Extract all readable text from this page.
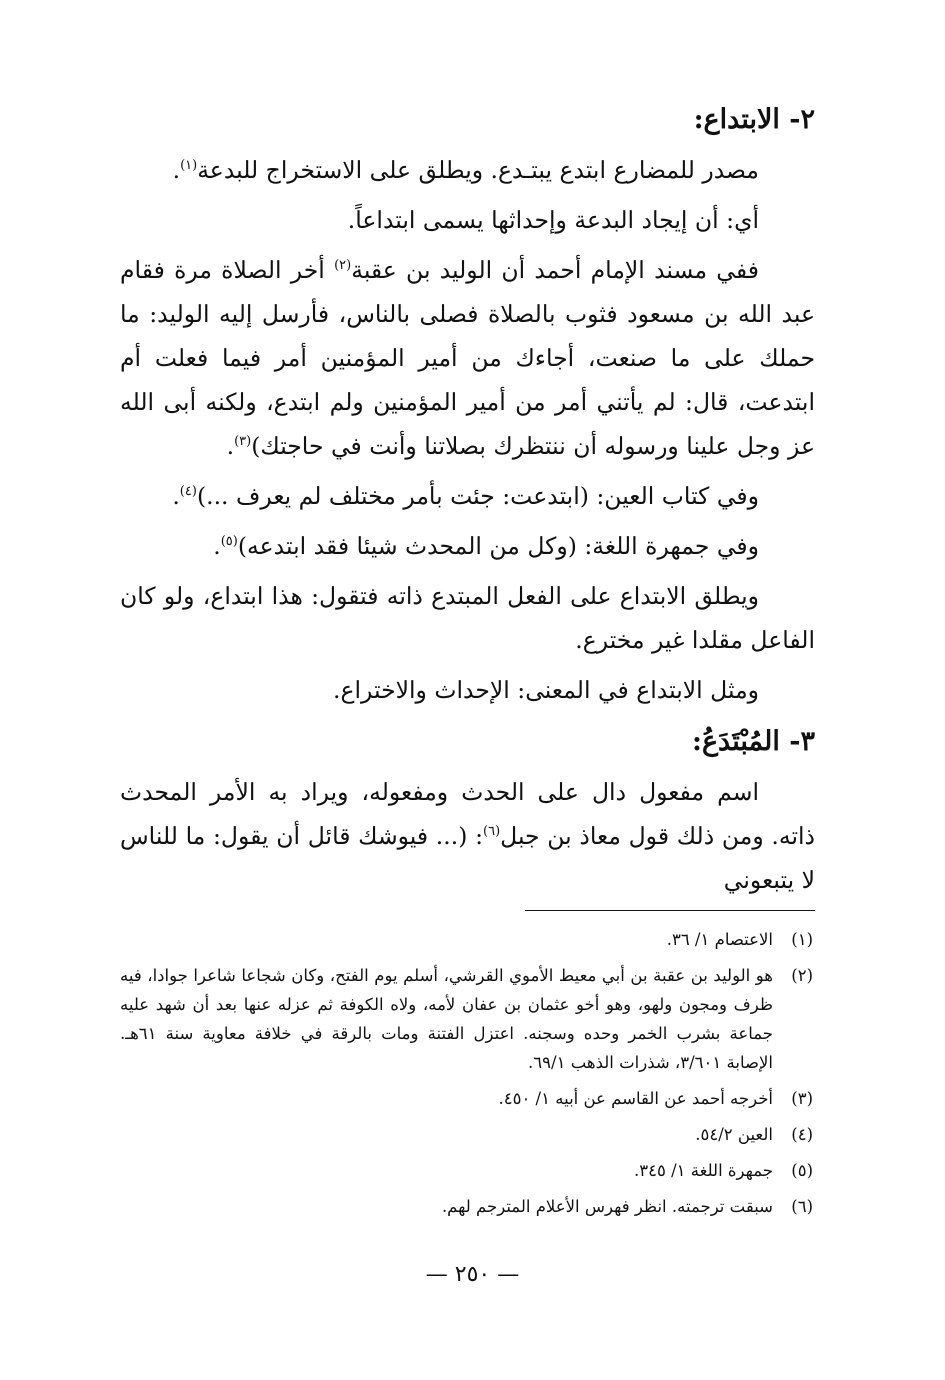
٢- الابتداع:

مصدر للمضارع ابتدع يبتـدع. ويطلق على الاستخراج للبدعة$^{(١)}$.

أي: أن إيجاد البدعة وإحداثها يسمى ابتداعاً.

ففي مسند الإمام أحمد أن الوليد بن عقبة$^{(٢)}$ أخر الصلاة مرة فقام عبد الله بن مسعود فثوب بالصلاة فصلى بالناس، فأرسل إليه الوليد: ما حملك على ما صنعت، أجاءك من أمير المؤمنين أمر فيما فعلت أم ابتدعت، قال: لم يأتني أمر من أمير المؤمنين ولم ابتدع، ولكنه أبى الله عز وجل علينا ورسوله أن ننتظرك بصلاتنا وأنت في حاجتك)$^{(٣)}$.

وفي كتاب العين: (ابتدعت: جئت بأمر مختلف لم يعرف ...)$^{(٤)}$.

وفي جمهرة اللغة: (وكل من المحدث شيئا فقد ابتدعه)$^{(٥)}$.

ويطلق الابتداع على الفعل المبتدع ذاته فتقول: هذا ابتداع، ولو كان الفاعل مقلدا غير مخترع.

ومثل الابتداع في المعنى: الإحداث والاختراع.

٣- المُبْتَدَعُ:

اسم مفعول دال على الحدث ومفعوله، ويراد به الأمر المحدث ذاته. ومن ذلك قول معاذ بن جبل$^{(٦)}$: (... فيوشك قائل أن يقول: ما للناس لا يتبعوني

(١)
الاعتصام ١/ ٣٦.
(٢)
هو الوليد بن عقبة بن أبي معيط الأموي القرشي، أسلم يوم الفتح، وكان شجاعا شاعرا جوادا، فيه ظرف ومجون ولهو، وهو أخو عثمان بن عفان لأمه، ولاه الكوفة ثم عزله عنها بعد أن شهد عليه جماعة بشرب الخمر وحده وسجنه. اعتزل الفتنة ومات بالرقة في خلافة معاوية سنة ٦١هـ. الإصابة ٣/٦٠١، شذرات الذهب ٦٩/١.
(٣)
أخرجه أحمد عن القاسم عن أبيه ١/ ٤٥٠.
(٤)
العين ٥٤/٢.
(٥)
جمهرة اللغة ١/ ٣٤٥.
(٦)
سبقت ترجمته. انظر فهرس الأعلام المترجم لهم.
— ٢٥٠ —
